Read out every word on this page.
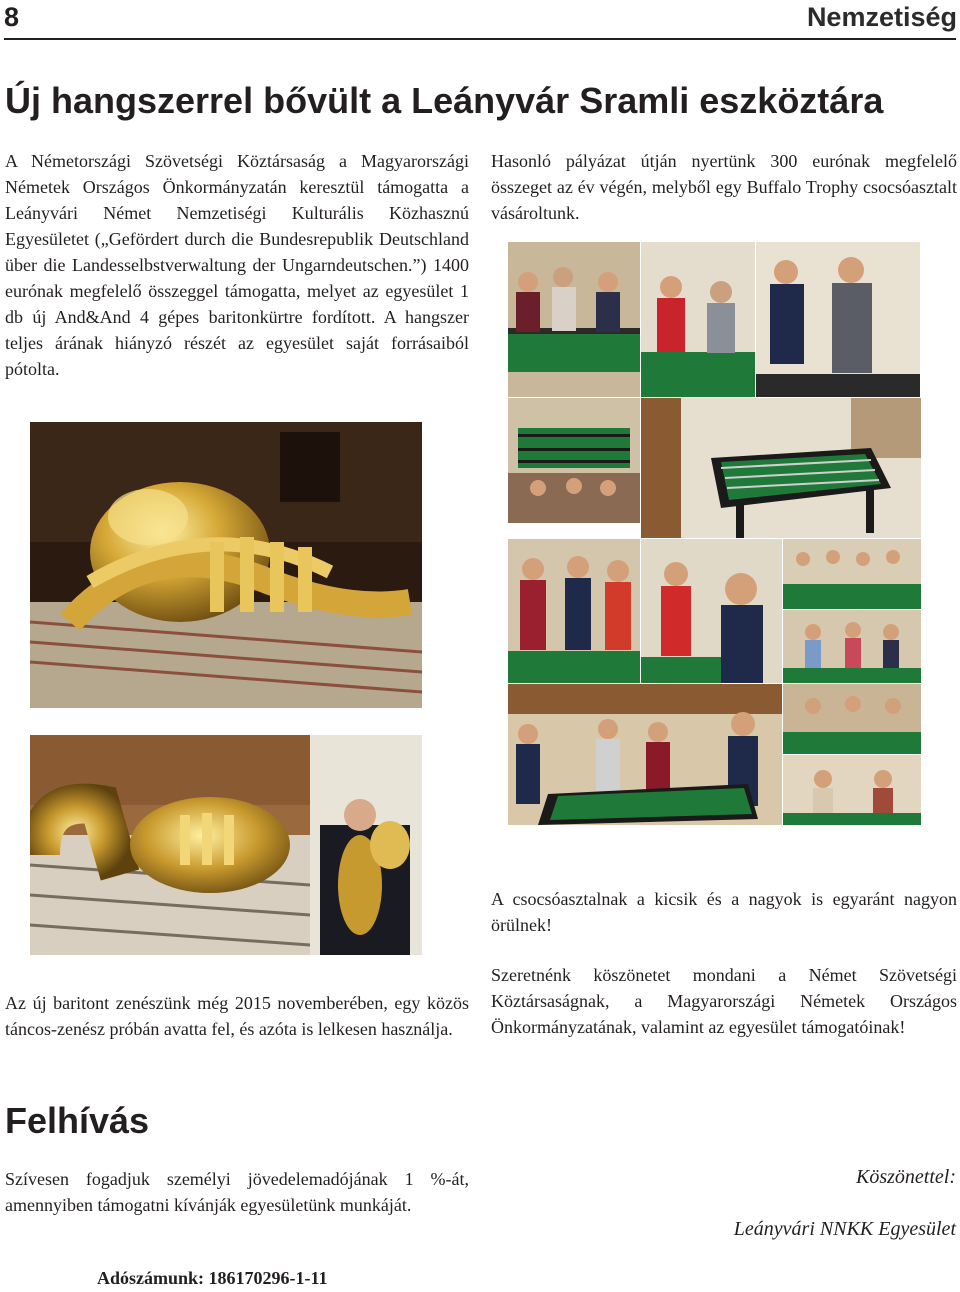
8	Nemzetiség
Új hangszerrel bővült a Leányvár Sramli eszköztára
A Németországi Szövetségi Köztársaság a Magyarországi Németek Országos Önkormányzatán keresztül támogatta a Leányvári Német Nemzetiségi Kulturális Közhasznú Egyesületet („Gefördert durch die Bundesrepublik Deutschland über die Landesselbstverwaltung der Ungarndeutschen.”) 1400 eurónak megfelelő összeggel támogatta, melyet az egyesület 1 db új And&And 4 gépes baritonkürtre fordított. A hangszer teljes árának hiányzó részét az egyesület saját forrásaiból pótolta.
Az új baritont zenészünk még 2015 novemberében, egy közös táncos-zenész próbán avatta fel, és azóta is lelkesen használja.
Hasonló pályázat útján nyertünk 300 eurónak megfelelő összeget az év végén, melyből egy Buffalo Trophy csocsóasztalt vásároltunk.
A csocsóasztalnak a kicsik és a nagyok is egyaránt nagyon örülnek!
Szeretnénk köszönetet mondani a Német Szövetségi Köztársaságnak, a Magyarországi Németek Országos Önkormányzatának, valamint az egyesület támogatóinak!
Felhívás
Szívesen fogadjuk személyi jövedelemadójának 1 %-át, amennyiben támogatni kívánják egyesületünk munkáját.
Adószámunk: 186170296-1-11
Köszönettel:
Leányvári NNKK Egyesület
